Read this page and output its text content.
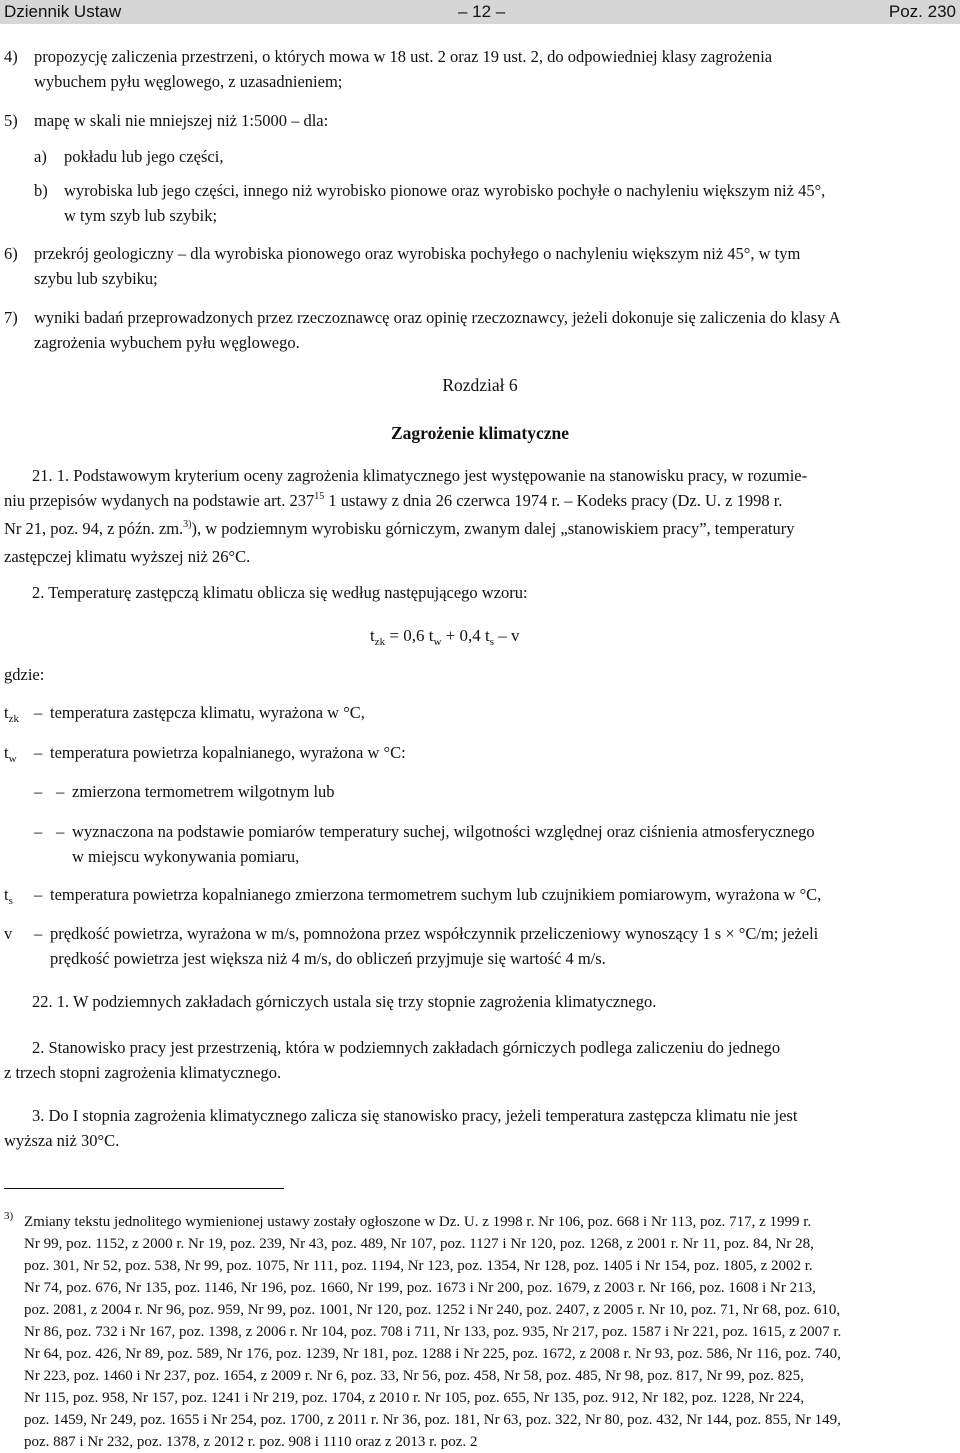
Dziennik Ustaw	– 12 –	Poz. 230
4) propozycję zaliczenia przestrzeni, o których mowa w 18 ust. 2 oraz 19 ust. 2, do odpowiedniej klasy zagrożenia
wybuchem pyłu węglowego, z uzasadnieniem;
5) mapę w skali nie mniejszej niż 1:5000 – dla:
a) pokładu lub jego części,
b) wyrobiska lub jego części, innego niż wyrobisko pionowe oraz wyrobisko pochyłe o nachyleniu większym niż 45°,
w tym szyb lub szybik;
6) przekrój geologiczny – dla wyrobiska pionowego oraz wyrobiska pochyłego o nachyleniu większym niż 45°, w tym
szybu lub szybiku;
7) wyniki badań przeprowadzonych przez rzeczoznawcę oraz opinię rzeczoznawcy, jeżeli dokonuje się zaliczenia do klasy A
zagrożenia wybuchem pyłu węglowego.
Rozdział 6
Zagrożenie klimatyczne
21. 1. Podstawowym kryterium oceny zagrożenia klimatycznego jest występowanie na stanowisku pracy, w rozumie-
niu przepisów wydanych na podstawie art. $237^{15}$ 1 ustawy z dnia 26 czerwca 1974 r. – Kodeks pracy (Dz. U. z 1998 r.
Nr 21, poz. 94, z późn. zm.$^{3)}$), w podziemnym wyrobisku górniczym, zwanym dalej „stanowiskiem pracy”, temperatury
zastępczej klimatu wyższej niż 26°C.
2. Temperaturę zastępczą klimatu oblicza się według następującego wzoru:
$t_{zk} = 0,6$ $t_w + 0,4$ $t_s$ – v
gdzie:
$t_{zk}$ – temperatura zastępcza klimatu, wyrażona w °C,
$t_w$ – temperatura powietrza kopalnianego, wyrażona w °C:
– – zmierzona termometrem wilgotnym lub
– – wyznaczona na podstawie pomiarów temperatury suchej, wilgotności względnej oraz ciśnienia atmosferycznego
w miejscu wykonywania pomiaru,
$t_s$ – temperatura powietrza kopalnianego zmierzona termometrem suchym lub czujnikiem pomiarowym, wyrażona w °C,
v – prędkość powietrza, wyrażona w m/s, pomnożona przez współczynnik przeliczeniowy wynoszący 1 s × °C/m; jeżeli
prędkość powietrza jest większa niż 4 m/s, do obliczeń przyjmuje się wartość 4 m/s.
22. 1. W podziemnych zakładach górniczych ustala się trzy stopnie zagrożenia klimatycznego.
2. Stanowisko pracy jest przestrzenią, która w podziemnych zakładach górniczych podlega zaliczeniu do jednego
z trzech stopni zagrożenia klimatycznego.
3. Do I stopnia zagrożenia klimatycznego zalicza się stanowisko pracy, jeżeli temperatura zastępcza klimatu nie jest
wyższa niż 30°C.
3) Zmiany tekstu jednolitego wymienionej ustawy zostały ogłoszone w Dz. U. z 1998 r. Nr 106, poz. 668 i Nr 113, poz. 717, z 1999 r.
Nr 99, poz. 1152, z 2000 r. Nr 19, poz. 239, Nr 43, poz. 489, Nr 107, poz. 1127 i Nr 120, poz. 1268, z 2001 r. Nr 11, poz. 84, Nr 28,
poz. 301, Nr 52, poz. 538, Nr 99, poz. 1075, Nr 111, poz. 1194, Nr 123, poz. 1354, Nr 128, poz. 1405 i Nr 154, poz. 1805, z 2002 r.
Nr 74, poz. 676, Nr 135, poz. 1146, Nr 196, poz. 1660, Nr 199, poz. 1673 i Nr 200, poz. 1679, z 2003 r. Nr 166, poz. 1608 i Nr 213,
poz. 2081, z 2004 r. Nr 96, poz. 959, Nr 99, poz. 1001, Nr 120, poz. 1252 i Nr 240, poz. 2407, z 2005 r. Nr 10, poz. 71, Nr 68, poz. 610,
Nr 86, poz. 732 i Nr 167, poz. 1398, z 2006 r. Nr 104, poz. 708 i 711, Nr 133, poz. 935, Nr 217, poz. 1587 i Nr 221, poz. 1615, z 2007 r.
Nr 64, poz. 426, Nr 89, poz. 589, Nr 176, poz. 1239, Nr 181, poz. 1288 i Nr 225, poz. 1672, z 2008 r. Nr 93, poz. 586, Nr 116, poz. 740,
Nr 223, poz. 1460 i Nr 237, poz. 1654, z 2009 r. Nr 6, poz. 33, Nr 56, poz. 458, Nr 58, poz. 485, Nr 98, poz. 817, Nr 99, poz. 825,
Nr 115, poz. 958, Nr 157, poz. 1241 i Nr 219, poz. 1704, z 2010 r. Nr 105, poz. 655, Nr 135, poz. 912, Nr 182, poz. 1228, Nr 224,
poz. 1459, Nr 249, poz. 1655 i Nr 254, poz. 1700, z 2011 r. Nr 36, poz. 181, Nr 63, poz. 322, Nr 80, poz. 432, Nr 144, poz. 855, Nr 149,
poz. 887 i Nr 232, poz. 1378, z 2012 r. poz. 908 i 1110 oraz z 2013 r. poz. 2
